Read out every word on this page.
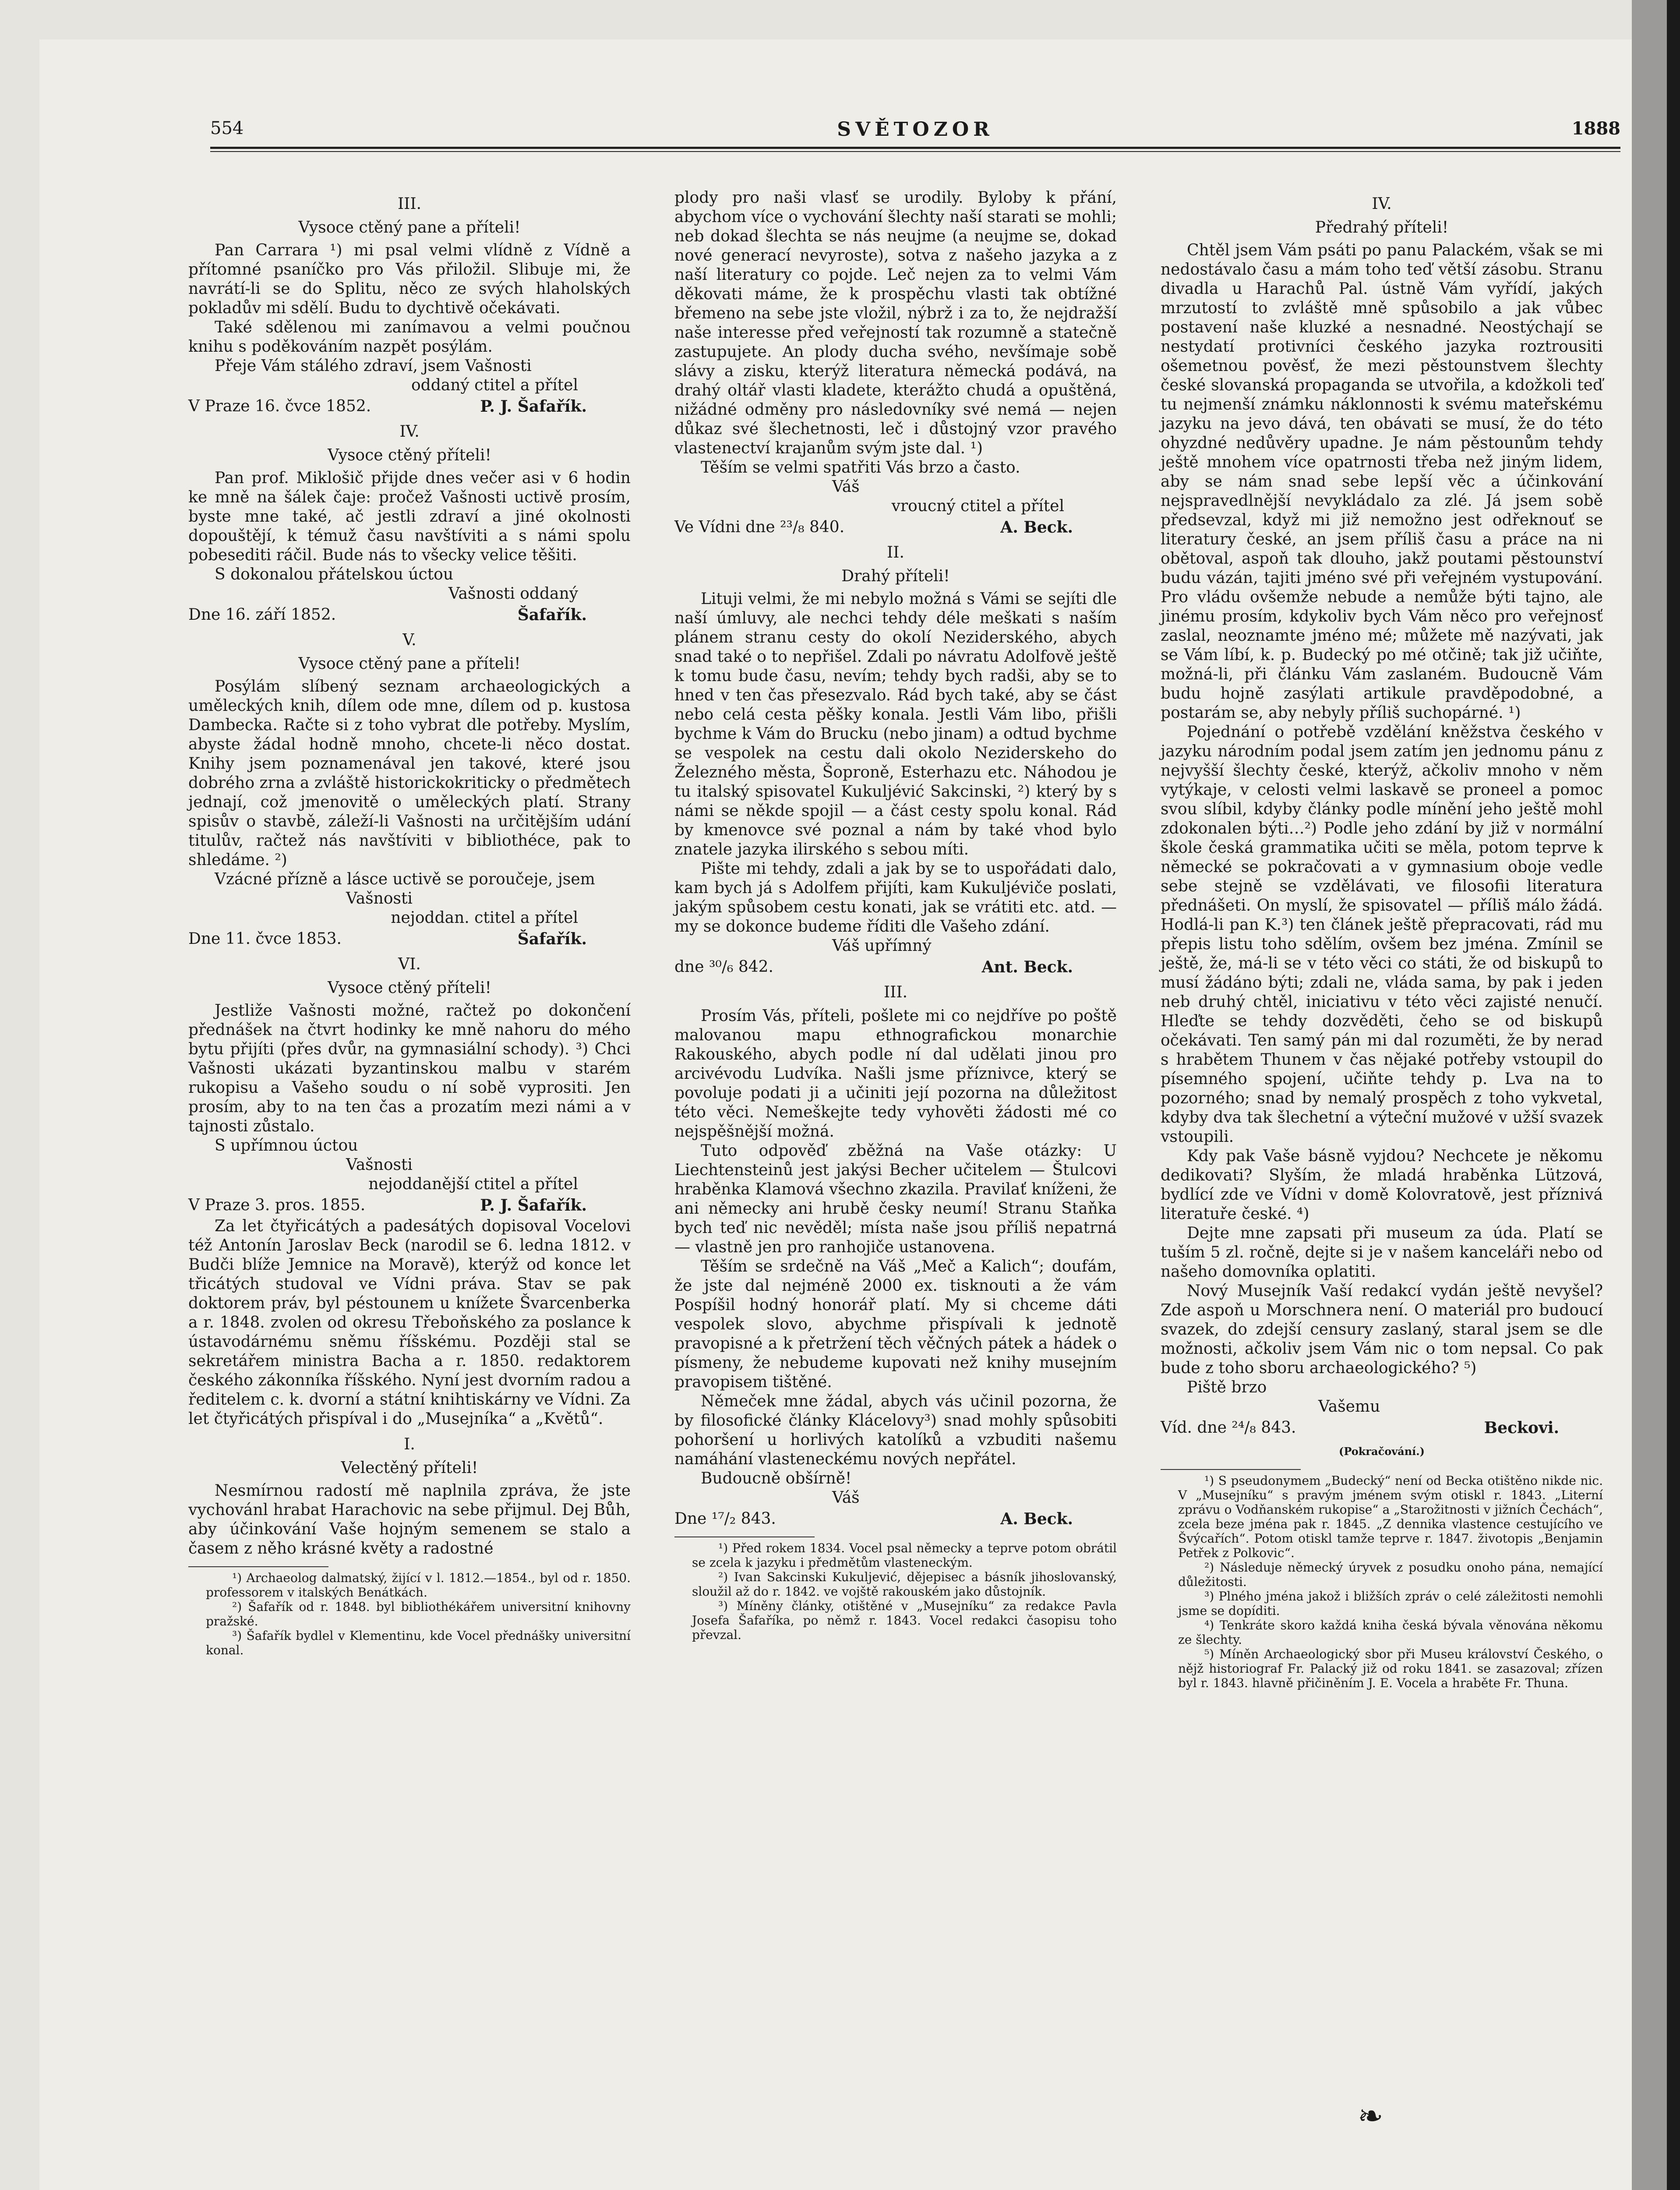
554	SVĚTOZOR	1888
III.
Vysoce ctěný pane a příteli!

Pan Carrara ¹) mi psal velmi vlídně z Vídně a přítomné psaníčko pro Vás přiložil. Slibuje mi, že navrátí-li se do Splitu, něco ze svých hlaholských pokladův mi sdělí. Budu to dychtivě očekávati.

Také sdělenou mi zanímavou a velmi poučnou knihu s poděkováním nazpět posýlám.

Přeje Vám stálého zdraví, jsem Vašnosti

oddaný ctitel a přítel
V Praze 16. čvce 1852.	P. J. Šafařík.
IV.
Vysoce ctěný příteli!

Pan prof. Miklošič přijde dnes večer asi v 6 hodin ke mně na šálek čaje: pročež Vašnosti uctivě prosím, byste mne také, ač jestli zdraví a jiné okolnosti dopouštějí, k témuž času navštíviti a s námi spolu pobesediti ráčil. Bude nás to všecky velice těšiti.

S dokonalou přátelskou úctou

Vašnosti oddaný
Dne 16. září 1852.	Šafařík.
V.
Vysoce ctěný pane a příteli!

Posýlám slíbený seznam archaeologických a uměleckých knih, dílem ode mne, dílem od p. kustosa Dambecka. Račte si z toho vybrat dle potřeby. Myslím, abyste žádal hodně mnoho, chcete-li něco dostat. Knihy jsem poznamenával jen takové, které jsou dobrého zrna a zvláště historickokriticky o předmětech jednají, což jmenovitě o uměleckých platí. Strany spisův o stavbě, záleží-li Vašnosti na určitějším udání titulův, račtež nás navštíviti v bibliothéce, pak to shledáme. ²)

Vzácné přízně a lásce uctivě se poroučeje, jsem

Vašnosti
nejoddan. ctitel a přítel
Dne 11. čvce 1853.	Šafařík.
VI.
Vysoce ctěný příteli!

Jestliže Vašnosti možné, račtež po dokončení přednášek na čtvrt hodinky ke mně nahoru do mého bytu přijíti (přes dvůr, na gymnasiální schody). ³) Chci Vašnosti ukázati byzantinskou malbu v starém rukopisu a Vašeho soudu o ní sobě vyprositi. Jen prosím, aby to na ten čas a prozatím mezi námi a v tajnosti zůstalo.

S upřímnou úctou

Vašnosti
nejoddanější ctitel a přítel
V Praze 3. pros. 1855.	P. J. Šafařík.

Za let čtyřicátých a padesátých dopisoval Vocelovi též Antonín Jaroslav Beck (narodil se 6. ledna 1812. v Budči blíže Jemnice na Moravě), kterýž od konce let třicátých studoval ve Vídni práva. Stav se pak doktorem práv, byl péstounem u knížete Švarcenberka a r. 1848. zvolen od okresu Třeboňského za poslance k ústavodárnému sněmu říšskému. Později stal se sekretářem ministra Bacha a r. 1850. redaktorem českého zákonníka říšského. Nyní jest dvorním radou a ředitelem c. k. dvorní a státní knihtiskárny ve Vídni. Za let čtyřicátých přispíval i do „Musejníka“ a „Květů“.

I.
Velectěný příteli!

Nesmírnou radostí mě naplnila zpráva, že jste vychovánl hrabat Harachovic na sebe přijmul. Dej Bůh, aby účinkování Vaše hojným semenem se stalo a časem z něho krásné květy a radostné

¹) Archaeolog dalmatský, žijící v l. 1812.—1854., byl od r. 1850. professorem v italských Benátkách.

²) Šafařík od r. 1848. byl bibliothékářem universitní knihovny pražské.

³) Šafařík bydlel v Klementinu, kde Vocel přednášky universitní konal.

plody pro naši vlasť se urodily. Byloby k přání, abychom více o vychování šlechty naší starati se mohli; neb dokad šlechta se nás neujme (a neujme se, dokad nové generací nevyroste), sotva z našeho jazyka a z naší literatury co pojde. Leč nejen za to velmi Vám děkovati máme, že k prospěchu vlasti tak obtížné břemeno na sebe jste vložil, nýbrž i za to, že nejdražší naše interesse před veřejností tak rozumně a statečně zastupujete. An plody ducha svého, nevšímaje sobě slávy a zisku, kterýž literatura německá podává, na drahý oltář vlasti kladete, kterážto chudá a opuštěná, nižádné odměny pro následovníky své nemá — nejen důkaz své šlechetnosti, leč i důstojný vzor pravého vlastenectví krajanům svým jste dal. ¹)

Těším se velmi spatřiti Vás brzo a často.

Váš
vroucný ctitel a přítel
Ve Vídni dne ²³/₈ 840.	A. Beck.
II.
Drahý příteli!

Lituji velmi, že mi nebylo možná s Vámi se sejíti dle naší úmluvy, ale nechci tehdy déle meškati s naším plánem stranu cesty do okolí Neziderského, abych snad také o to nepřišel. Zdali po návratu Adolfově ještě k tomu bude času, nevím; tehdy bych radši, aby se to hned v ten čas přesezvalo. Rád bych také, aby se část nebo celá cesta pěšky konala. Jestli Vám libo, přišli bychme k Vám do Brucku (nebo jinam) a odtud bychme se vespolek na cestu dali okolo Neziderskeho do Železného města, Šoproně, Esterhazu etc. Náhodou je tu italský spisovatel Kukuljévić Sakcinski, ²) který by s námi se někde spojil — a část cesty spolu konal. Rád by kmenovce své poznal a nám by také vhod bylo znatele jazyka ilirského s sebou míti.

Pište mi tehdy, zdali a jak by se to uspořádati dalo, kam bych já s Adolfem přijíti, kam Kukuljéviče poslati, jakým spůsobem cestu konati, jak se vrátiti etc. atd. — my se dokonce budeme říditi dle Vašeho zdání.

Váš upřímný
dne ³⁰/₆ 842.	Ant. Beck.
III.

Prosím Vás, příteli, pošlete mi co nejdříve po poště malovanou mapu ethnografickou monarchie Rakouského, abych podle ní dal udělati jinou pro arcivévodu Ludvíka. Našli jsme příznivce, který se povoluje podati ji a učiniti její pozorna na důležitost této věci. Nemeškejte tedy vyhověti žádosti mé co nejspěšnější možná.

Tuto odpověď zběžná na Vaše otázky: U Liechtensteinů jest jakýsi Becher učitelem — Štulcovi hraběnka Klamová všechno zkazila. Pravilať kníženi, že ani německy ani hrubě česky neumí! Stranu Staňka bych teď nic nevěděl; místa naše jsou příliš nepatrná — vlastně jen pro ranhojiče ustanovena.

Těším se srdečně na Váš „Meč a Kalich“; doufám, že jste dal nejméně 2000 ex. tisknouti a že vám Pospíšil hodný honorář platí. My si chceme dáti vespolek slovo, abychme přispívali k jednotě pravopisné a k přetržení těch věčných pátek a hádek o písmeny, že nebudeme kupovati než knihy musejním pravopisem tištěné.

Němeček mne žádal, abych vás učinil pozorna, že by filosofické články Klácelovy³) snad mohly spůsobiti pohoršení u horlivých katolíků a vzbuditi našemu namáhání vlasteneckému nových nepřátel.

Budoucně obšírně!

Váš
Dne ¹⁷/₂ 843.	A. Beck.

¹) Před rokem 1834. Vocel psal německy a teprve potom obrátil se zcela k jazyku i předmětům vlasteneckým.

²) Ivan Sakcinski Kukuljević, dějepisec a básník jihoslovanský, sloužil až do r. 1842. ve vojště rakouském jako důstojník.

³) Míněny články, otištěné v „Musejníku“ za redakce Pavla Josefa Šafaříka, po němž r. 1843. Vocel redakci časopisu toho převzal.

IV.
Předrahý příteli!

Chtěl jsem Vám psáti po panu Palackém, však se mi nedostávalo času a mám toho teď větší zásobu. Stranu divadla u Harachů Pal. ústně Vám vyřídí, jakých mrzutostí to zvláště mně spůsobilo a jak vůbec postavení naše kluzké a nesnadné. Neostýchají se nestydatí protivníci českého jazyka roztrousiti ošemetnou pověsť, že mezi pěstounstvem šlechty české slovanská propaganda se utvořila, a kdožkoli teď tu nejmenší známku náklonnosti k svému mateřskému jazyku na jevo dává, ten obávati se musí, že do této ohyzdné nedůvěry upadne. Je nám pěstounům tehdy ještě mnohem více opatrnosti třeba než jiným lidem, aby se nám snad sebe lepší věc a účinkování nejspravedlnější nevykládalo za zlé. Já jsem sobě předsevzal, když mi již nemožno jest odřeknouť se literatury české, an jsem příliš času a práce na ni obětoval, aspoň tak dlouho, jakž poutami pěstounství budu vázán, tajiti jméno své při veřejném vystupování. Pro vládu ovšemže nebude a nemůže býti tajno, ale jinému prosím, kdykoliv bych Vám něco pro veřejnosť zaslal, neoznamte jméno mé; můžete mě nazývati, jak se Vám líbí, k. p. Budecký po mé otčině; tak již učiňte, možná-li, při článku Vám zaslaném. Budoucně Vám budu hojně zasýlati artikule pravděpodobné, a postarám se, aby nebyly příliš suchopárné. ¹)

Pojednání o potřebě vzdělání kněžstva českého v jazyku národním podal jsem zatím jen jednomu pánu z nejvyšší šlechty české, kterýž, ačkoliv mnoho v něm vytýkaje, v celosti velmi laskavě se proneel a pomoc svou slíbil, kdyby články podle mínění jeho ještě mohl zdokonalen býti…²) Podle jeho zdání by již v normální škole česká grammatika učiti se měla, potom teprve k německé se pokračovati a v gymnasium oboje vedle sebe stejně se vzdělávati, ve filosofii literatura přednášeti. On myslí, že spisovatel — příliš málo žádá. Hodlá-li pan K.³) ten článek ještě přepracovati, rád mu přepis listu toho sdělím, ovšem bez jména. Zmínil se ještě, že, má-li se v této věci co státi, že od biskupů to musí žádáno býti; zdali ne, vláda sama, by pak i jeden neb druhý chtěl, iniciativu v této věci zajisté nenučí. Hleďte se tehdy dozvěděti, čeho se od biskupů očekávati. Ten samý pán mi dal rozuměti, že by nerad s hrabětem Thunem v čas nějaké potřeby vstoupil do písemného spojení, učiňte tehdy p. Lva na to pozorného; snad by nemalý prospěch z toho vykvetal, kdyby dva tak šlechetní a výteční mužové v užší svazek vstoupili.

Kdy pak Vaše básně vyjdou? Nechcete je někomu dedikovati? Slyším, že mladá hraběnka Lützová, bydlící zde ve Vídni v domě Kolovratově, jest příznivá literatuře české. ⁴)

Dejte mne zapsati při museum za úda. Platí se tuším 5 zl. ročně, dejte si je v našem kanceláři nebo od našeho domovníka oplatiti.

Nový Musejník Vaší redakcí vydán ještě nevyšel? Zde aspoň u Morschnera není. O materiál pro budoucí svazek, do zdejší censury zaslaný, staral jsem se dle možnosti, ačkoliv jsem Vám nic o tom nepsal. Co pak bude z toho sboru archaeologického? ⁵)

Piště brzo

Vašemu
Víd. dne ²⁴/₈ 843.	Beckovi.
(Pokračování.)

¹) S pseudonymem „Budecký“ není od Becka otištěno nikde nic. V „Musejníku“ s pravým jménem svým otiskl r. 1843. „Literní zprávu o Vodňanském rukopise“ a „Starožitnosti v jižních Čechách“, zcela beze jména pak r. 1845. „Z dennika vlastence cestujícího ve Švýcařích“. Potom otiskl tamže teprve r. 1847. životopis „Benjamin Petřek z Polkovic“.

²) Následuje německý úryvek z posudku onoho pána, nemající důležitosti.

³) Plného jména jakož i bližších zpráv o celé záležitosti nemohli jsme se dopíditi.

⁴) Tenkráte skoro každá kniha česká bývala věnována někomu ze šlechty.

⁵) Míněn Archaeologický sbor při Museu království Českého, o nějž historiograf Fr. Palacký již od roku 1841. se zasazoval; zřízen byl r. 1843. hlavně přičiněním J. E. Vocela a hraběte Fr. Thuna.

❧
